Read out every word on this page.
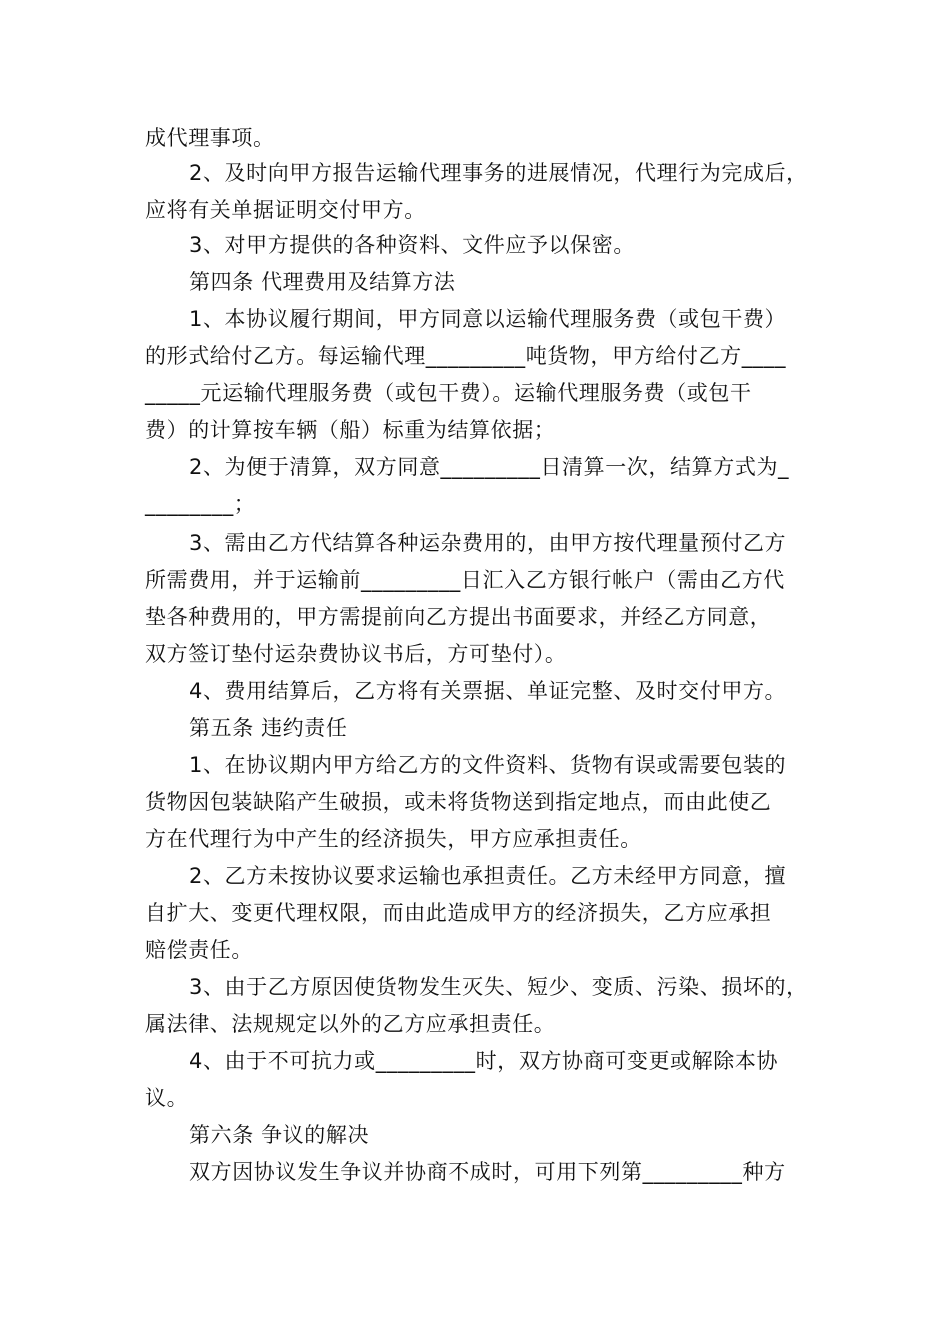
成代理事项。
2、及时向甲方报告运输代理事务的进展情况，代理行为完成后，
应将有关单据证明交付甲方。
3、对甲方提供的各种资料、文件应予以保密。
第四条 代理费用及结算方法
1、本协议履行期间，甲方同意以运输代理服务费（或包干费）
的形式给付乙方。每运输代理_________吨货物，甲方给付乙方____
_____元运输代理服务费（或包干费）。运输代理服务费（或包干
费）的计算按车辆（船）标重为结算依据；
2、为便于清算，双方同意_________日清算一次，结算方式为_
________；
3、需由乙方代结算各种运杂费用的，由甲方按代理量预付乙方
所需费用，并于运输前_________日汇入乙方银行帐户（需由乙方代
垫各种费用的，甲方需提前向乙方提出书面要求，并经乙方同意，
双方签订垫付运杂费协议书后，方可垫付）。
4、费用结算后，乙方将有关票据、单证完整、及时交付甲方。
第五条 违约责任
1、在协议期内甲方给乙方的文件资料、货物有误或需要包装的
货物因包装缺陷产生破损，或未将货物送到指定地点，而由此使乙
方在代理行为中产生的经济损失，甲方应承担责任。
2、乙方未按协议要求运输也承担责任。乙方未经甲方同意，擅
自扩大、变更代理权限，而由此造成甲方的经济损失，乙方应承担
赔偿责任。
3、由于乙方原因使货物发生灭失、短少、变质、污染、损坏的，
属法律、法规规定以外的乙方应承担责任。
4、由于不可抗力或_________时，双方协商可变更或解除本协
议。
第六条 争议的解决
双方因协议发生争议并协商不成时，可用下列第_________种方
